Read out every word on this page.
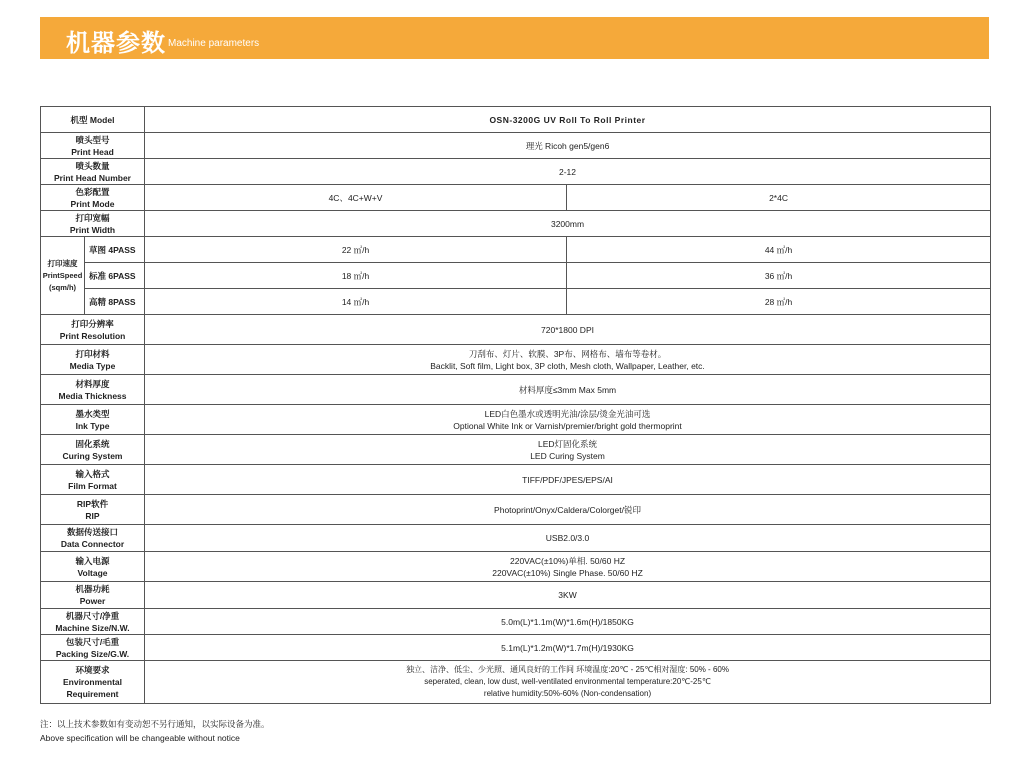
机器参数 Machine parameters
机型 Model		OSN-3200G UV Roll To Roll Printer	

喷头型号
Print Head		理光 Ricoh gen5/gen6	

喷头数量
Print Head Number		2-12	

色彩配置
Print Mode		4C、4C+W+V	2*4C

打印宽幅
Print Width		3200mm	

打印速度
PrintSpeed
(sqm/h)	草图 4PASS	22 ㎡/h	44 ㎡/h
	标准 6PASS	18 ㎡/h	36 ㎡/h
	高精 8PASS	14 ㎡/h	28 ㎡/h

打印分辨率
Print Resolution		720*1800 DPI	

打印材料
Media Type		刀刮布、灯片、软膜、3P布、网格布、墙布等卷材。
Backlit, Soft film, Light box, 3P cloth, Mesh cloth, Wallpaper, Leather, etc.	

材料厚度
Media Thickness		材料厚度≤3mm Max 5mm	

墨水类型
Ink Type		LED白色墨水或透明光油/涂层/烫金光油可选
Optional White Ink or Varnish/premier/bright gold thermoprint	

固化系统
Curing System		LED灯固化系统
LED Curing System	

输入格式
Film Format		TIFF/PDF/JPES/EPS/AI	

RIP软件
RIP		Photoprint/Onyx/Caldera/Colorget/锐印	

数据传送接口
Data Connector		USB2.0/3.0	

输入电源
Voltage		220VAC(±10%)单相. 50/60 HZ
220VAC(±10%) Single Phase. 50/60 HZ	

机器功耗
Power		3KW	

机器尺寸/净重
Machine Size/N.W.		5.0m(L)*1.1m(W)*1.6m(H)/1850KG	

包装尺寸/毛重
Packing Size/G.W.		5.1m(L)*1.2m(W)*1.7m(H)/1930KG	

环境要求
Environmental
Requirement		独立、洁净、低尘、少光照、通风良好的工作间 环境温度:20℃ - 25℃相对湿度: 50% - 60%
seperated, clean, low dust, well-ventilated environmental temperature:20℃-25℃
relative humidity:50%-60% (Non-condensation)	
注：以上技术参数如有变动恕不另行通知，以实际设备为准。
Above specification will be changeable without notice
